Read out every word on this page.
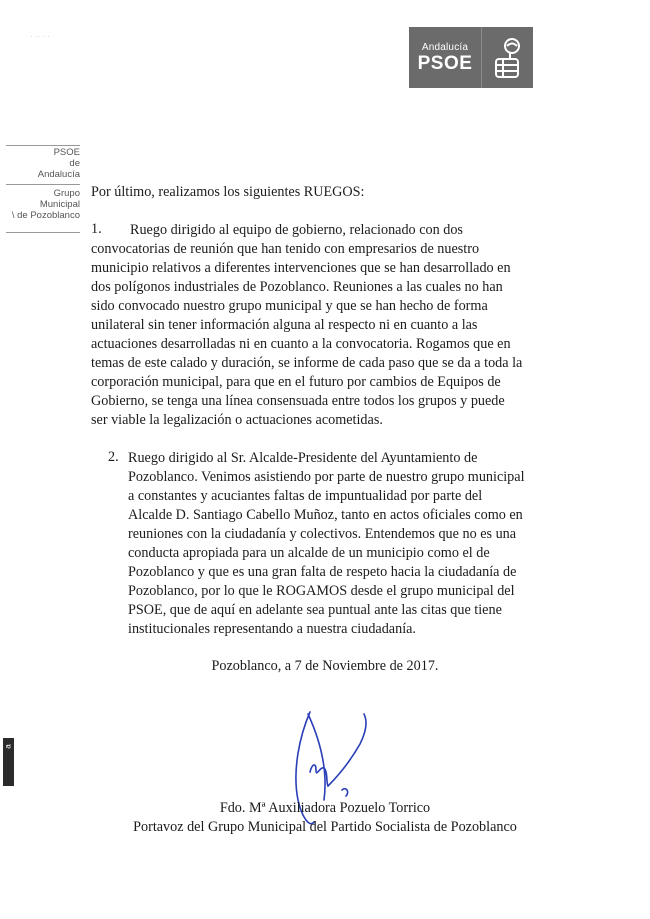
· ·· · ·
Andalucía
PSOE
PSOE
de
Andalucía
Grupo
Municipal
\ de Pozoblanco
Por último, realizamos los siguientes RUEGOS:
1.	Ruego dirigido al equipo de gobierno, relacionado con dos

convocatorias de reunión que han tenido con empresarios de nuestro

municipio relativos a diferentes intervenciones que se han desarrollado en

dos polígonos industriales de Pozoblanco. Reuniones a las cuales no han

sido convocado nuestro grupo municipal y que se han hecho de forma

unilateral sin tener información alguna al respecto ni en cuanto a las

actuaciones desarrolladas ni en cuanto a la convocatoria. Rogamos que en

temas de este calado y duración, se informe de cada paso que se da a toda la

corporación municipal, para que en el futuro por cambios de Equipos de

Gobierno, se tenga una línea consensuada entre todos los grupos y puede

ser viable la legalización o actuaciones acometidas.

2. Ruego dirigido al Sr. Alcalde-Presidente del Ayuntamiento de

Pozoblanco. Venimos asistiendo por parte de nuestro grupo municipal

a constantes y acuciantes faltas de impuntualidad por parte del

Alcalde D. Santiago Cabello Muñoz, tanto en actos oficiales como en

reuniones con la ciudadanía y colectivos. Entendemos que no es una

conducta apropiada para un alcalde de un municipio como el de

Pozoblanco y que es una gran falta de respeto hacia la ciudadanía de

Pozoblanco, por lo que le ROGAMOS desde el grupo municipal del

PSOE, que de aquí en adelante sea puntual ante las citas que tiene

institucionales representando a nuestra ciudadanía.

Pozoblanco, a 7 de Noviembre de 2017.
Fdo. Mª Auxiliadora Pozuelo Torrico
Portavoz del Grupo Municipal del Partido Socialista de Pozoblanco
a
